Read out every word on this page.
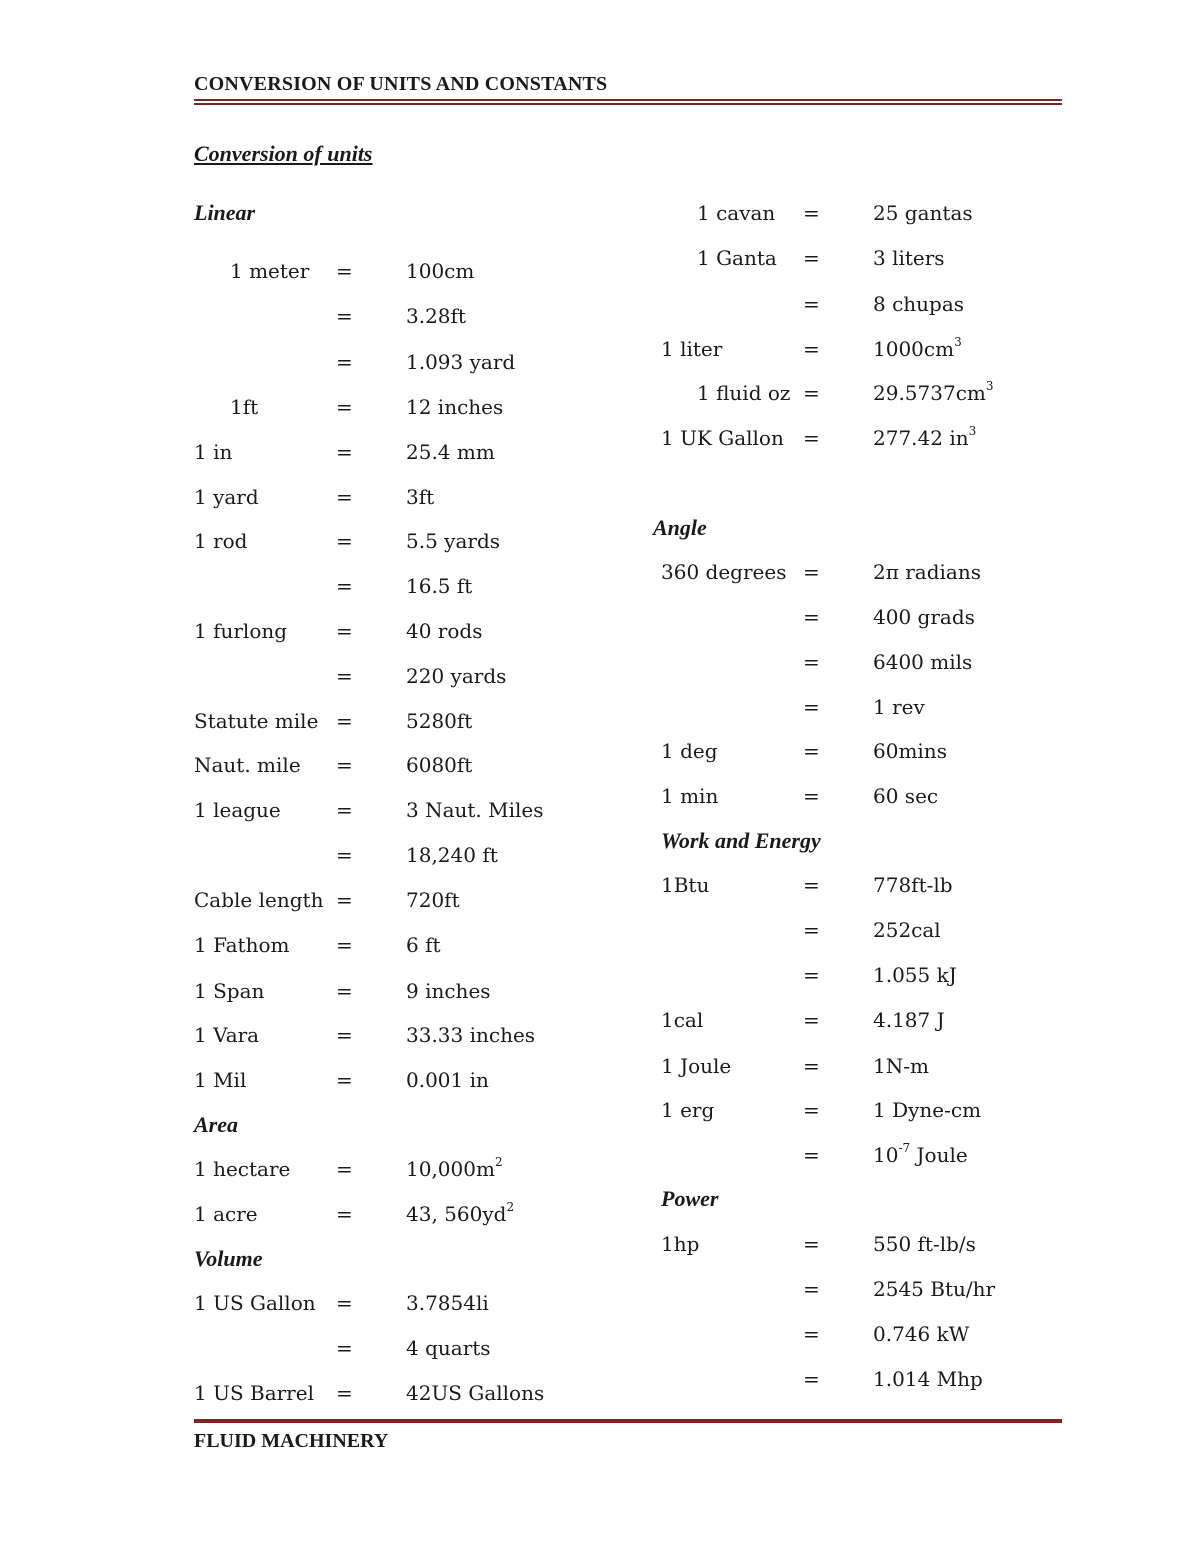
CONVERSION OF UNITS AND CONSTANTS
Conversion of units
Linear
1 meter =	100cm
=	3.28ft
=	1.093 yard
1ft	=	12 inches
1 in	=	25.4 mm
1 yard	=	3ft
1 rod	=	5.5 yards
=	16.5 ft
1 furlong =	40 rods
=	220 yards
Statute mile =	5280ft
Naut. mile =	6080ft
1 league	=	3 Naut. Miles
=	18,240 ft
Cable length =	720ft
1 Fathom =	6 ft
1 Span	=	9 inches
1 Vara	=	33.33 inches
1 Mil	=	0.001 in
Area
1 hectare =	$10,000m^2$
1 acre	=	43, $560yd^2$
Volume
1 US Gallon =	3.7854li
=	4 quarts
1 US Barrel =	42US Gallons
1 cavan =	25 gantas
1 Ganta =	3 liters
=	8 chupas
1 liter	=	$1000cm^3$
1 fluid oz =	$29.5737cm^3$
1 UK Gallon =	277.42 $in^3$
Angle
360 degrees =	2π radians
=	400 grads
=	6400 mils
=	1 rev
1 deg	=	60mins
1 min	=	60 sec
Work and Energy
1Btu	=	778ft-lb
=	252cal
=	1.055 kJ
1cal	=	4.187 J
1 Joule	=	1N-m
1 erg	=	1 Dyne-cm
=	$10^{-7}$ Joule
Power
1hp	=	550 ft-lb/s
=	2545 Btu/hr
=	0.746 kW
=	1.014 Mhp
FLUID MACHINERY
